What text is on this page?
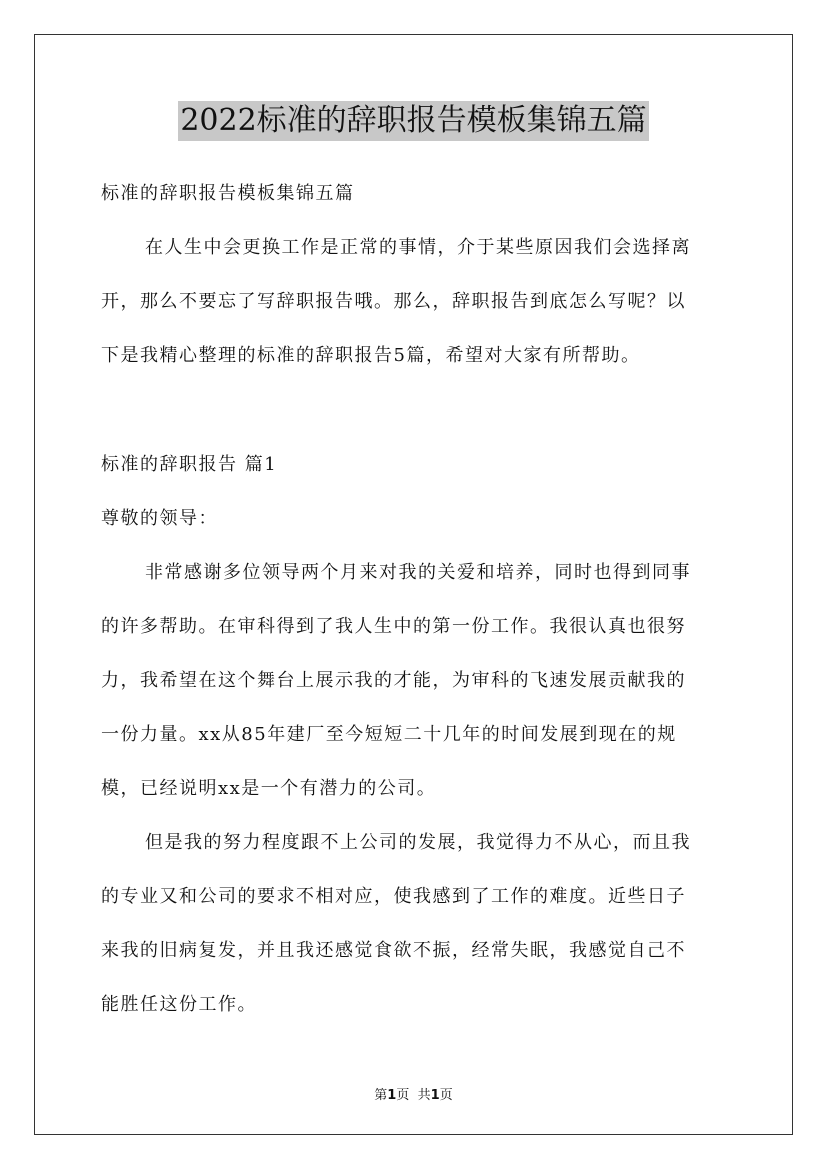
2022标准的辞职报告模板集锦五篇
标准的辞职报告模板集锦五篇
在人生中会更换工作是正常的事情，介于某些原因我们会选择离
开，那么不要忘了写辞职报告哦。那么，辞职报告到底怎么写呢？以
下是我精心整理的标准的辞职报告5篇，希望对大家有所帮助。
标准的辞职报告 篇1
尊敬的领导：
非常感谢多位领导两个月来对我的关爱和培养，同时也得到同事
的许多帮助。在审科得到了我人生中的第一份工作。我很认真也很努
力，我希望在这个舞台上展示我的才能，为审科的飞速发展贡献我的
一份力量。xx从85年建厂至今短短二十几年的时间发展到现在的规
模，已经说明xx是一个有潜力的公司。
但是我的努力程度跟不上公司的发展，我觉得力不从心，而且我
的专业又和公司的要求不相对应，使我感到了工作的难度。近些日子
来我的旧病复发，并且我还感觉食欲不振，经常失眠，我感觉自己不
能胜任这份工作。
第1页 共1页
